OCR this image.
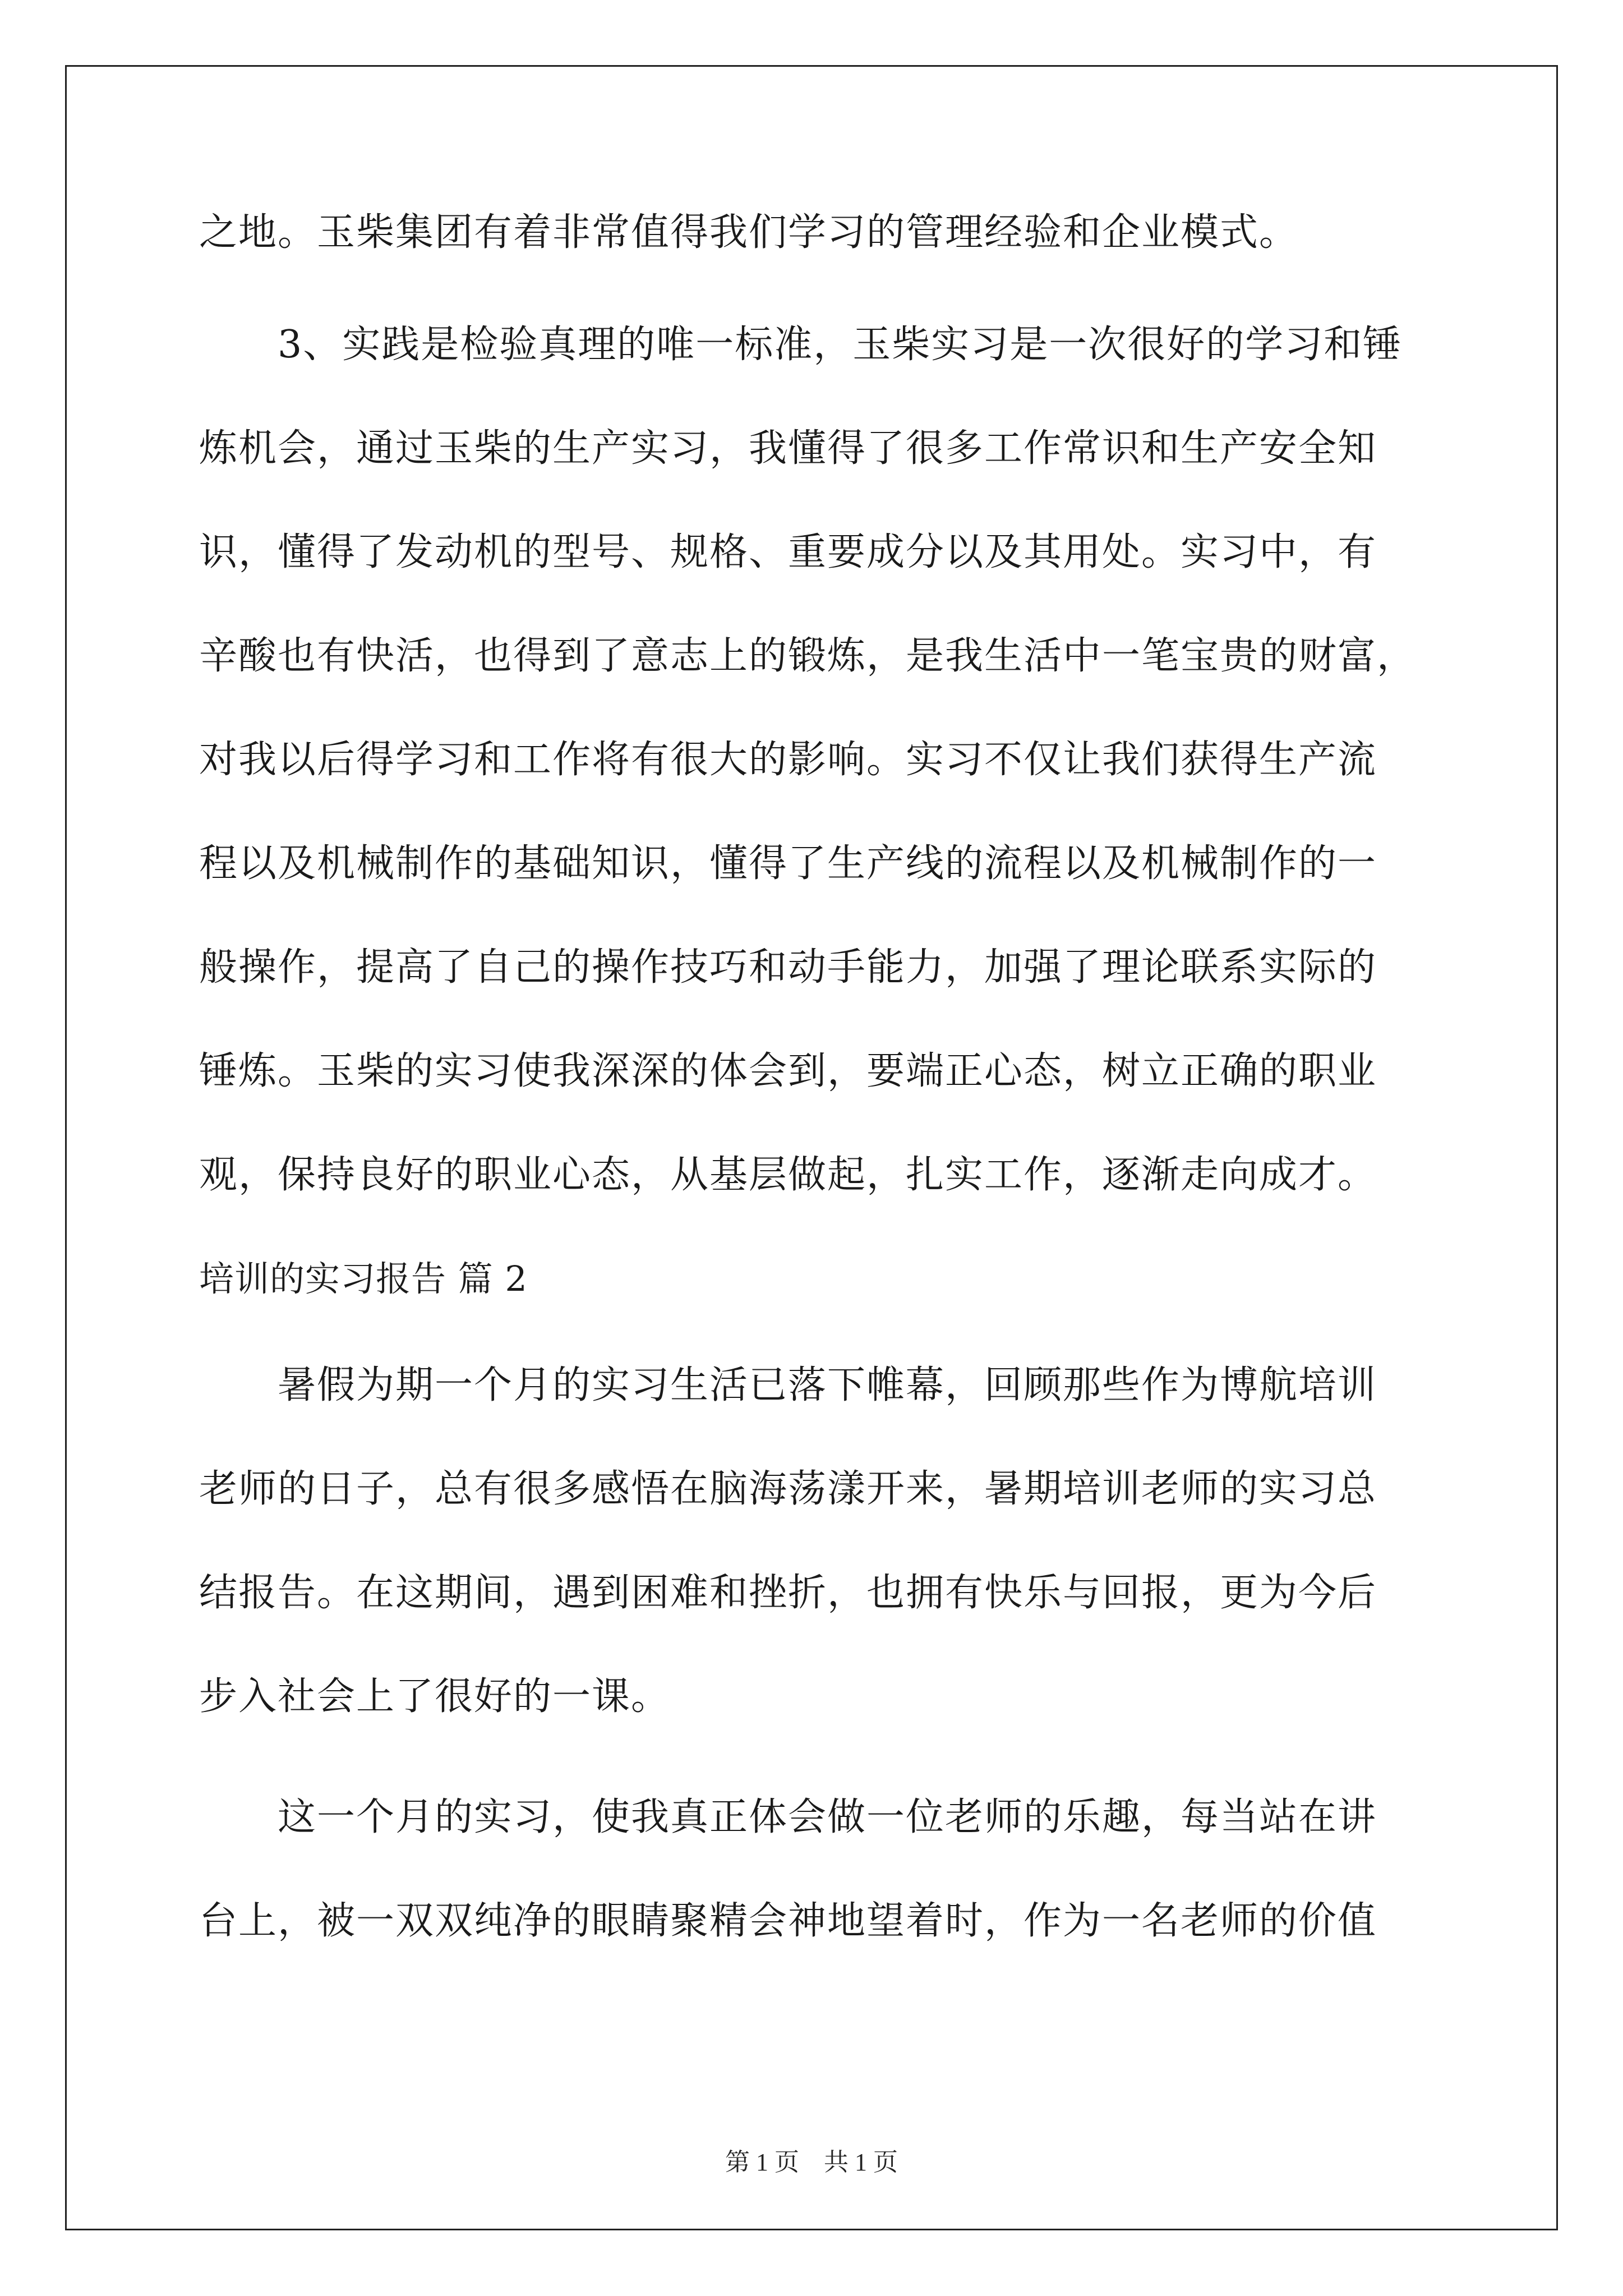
之地。玉柴集团有着非常值得我们学习的管理经验和企业模式。
3、实践是检验真理的唯一标准，玉柴实习是一次很好的学习和锤
炼机会，通过玉柴的生产实习，我懂得了很多工作常识和生产安全知
识，懂得了发动机的型号、规格、重要成分以及其用处。实习中，有
辛酸也有快活，也得到了意志上的锻炼，是我生活中一笔宝贵的财富，
对我以后得学习和工作将有很大的影响。实习不仅让我们获得生产流
程以及机械制作的基础知识，懂得了生产线的流程以及机械制作的一
般操作，提高了自己的操作技巧和动手能力，加强了理论联系实际的
锤炼。玉柴的实习使我深深的体会到，要端正心态，树立正确的职业
观，保持良好的职业心态，从基层做起，扎实工作，逐渐走向成才。
培训的实习报告 篇 2
暑假为期一个月的实习生活已落下帷幕，回顾那些作为博航培训
老师的日子，总有很多感悟在脑海荡漾开来，暑期培训老师的实习总
结报告。在这期间，遇到困难和挫折，也拥有快乐与回报，更为今后
步入社会上了很好的一课。
这一个月的实习，使我真正体会做一位老师的乐趣，每当站在讲
台上，被一双双纯净的眼睛聚精会神地望着时，作为一名老师的价值
第 1 页　共 1 页
